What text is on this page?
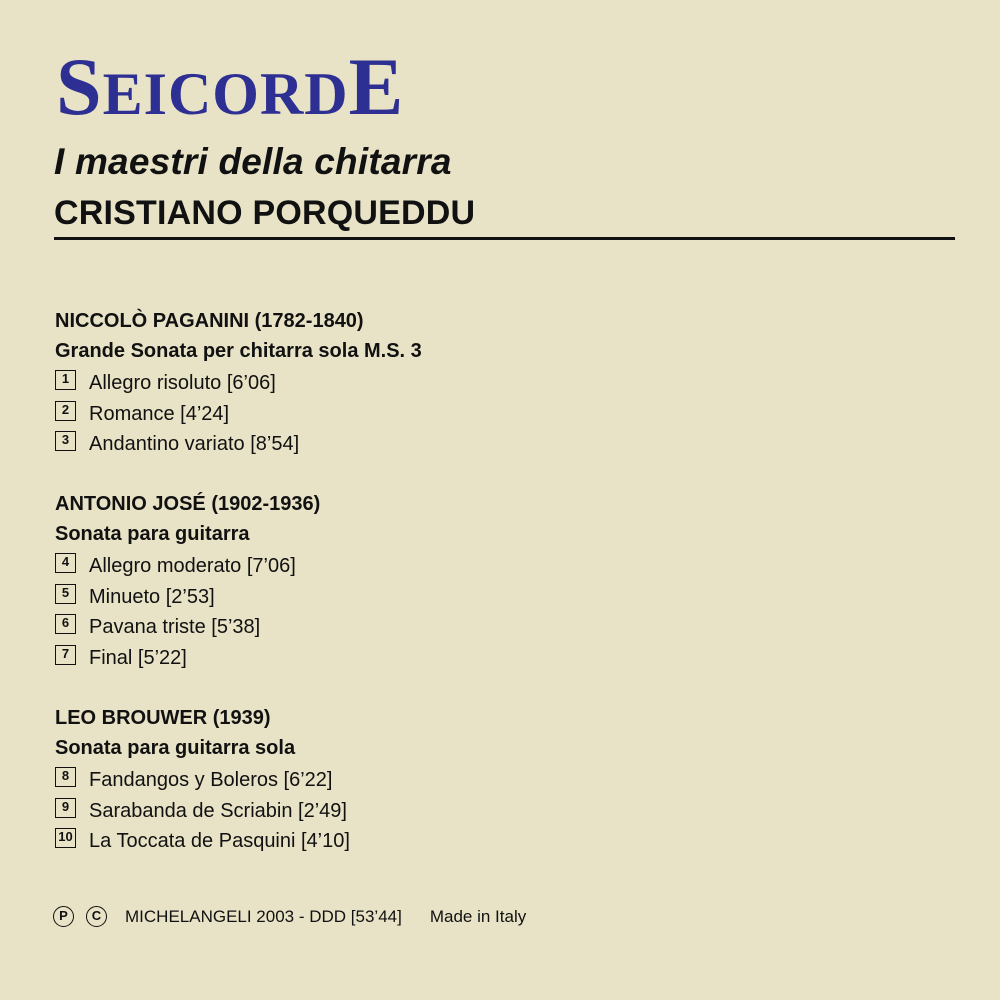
SEICORDE
I maestri della chitarra
CRISTIANO PORQUEDDU
NICCOLÒ PAGANINI (1782-1840)
Grande Sonata per chitarra sola M.S. 3
1 Allegro risoluto [6’06]
2 Romance [4’24]
3 Andantino variato [8’54]
ANTONIO JOSÉ (1902-1936)
Sonata para guitarra
4 Allegro moderato [7’06]
5 Minueto [2’53]
6 Pavana triste [5’38]
7 Final [5’22]
LEO BROUWER (1939)
Sonata para guitarra sola
8 Fandangos y Boleros [6’22]
9 Sarabanda de Scriabin [2’49]
10 La Toccata de Pasquini [4’10]
P	C	MICHELANGELI 2003 - DDD [53’44] Made in Italy
